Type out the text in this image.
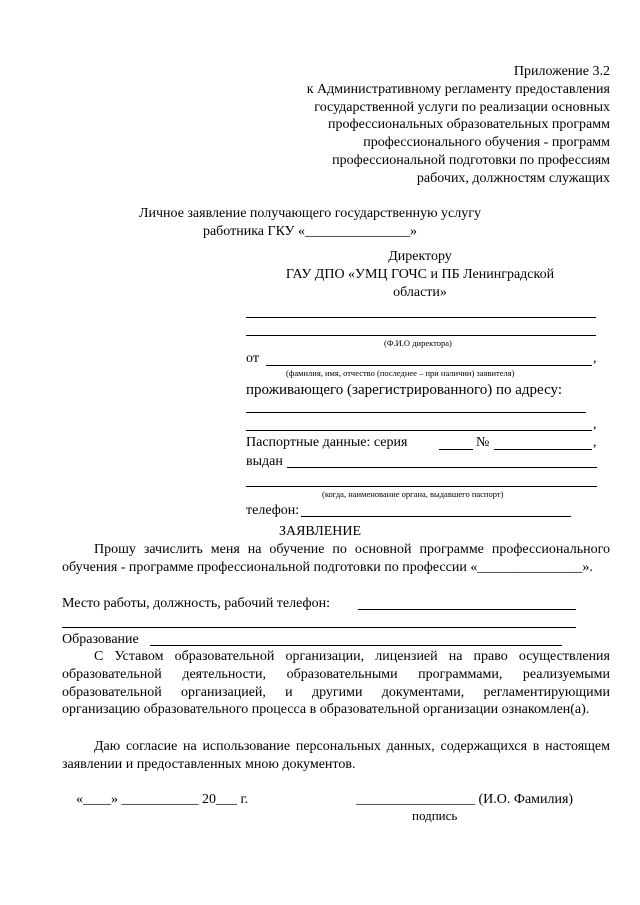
Приложение 3.2
к Административному регламенту предоставления
государственной услуги по реализации основных
профессиональных образовательных программ
профессионального обучения - программ
профессиональной подготовки по профессиям
рабочих, должностям служащих
Личное заявление получающего государственную услугу
работника ГКУ «_______________»
Директору
ГАУ ДПО «УМЦ ГОЧС и ПБ Ленинградской
области»
(Ф.И.О директора)
от	,
(фамилия, имя, отчество (последнее – при наличии) заявителя)
проживающего (зарегистрированного) по адресу:
,
Паспортные данные: серия	№	,
выдан
(когда, наименование органа, выдавшего паспорт)
телефон:
ЗАЯВЛЕНИЕ
Прошу зачислить меня на обучение по основной программе профессионального обучения - программе профессиональной подготовки по профессии «_______________».
Место работы, должность, рабочий телефон:
Образование
С Уставом образовательной организации, лицензией на право осуществления образовательной деятельности, образовательными программами, реализуемыми образовательной организацией, и другими документами, регламентирующими организацию образовательного процесса в образовательной организации ознакомлен(а).
Даю согласие на использование персональных данных, содержащихся в настоящем заявлении и предоставленных мною документов.
«____» ___________ 20___ г.	_________________ (И.О. Фамилия)
подпись
